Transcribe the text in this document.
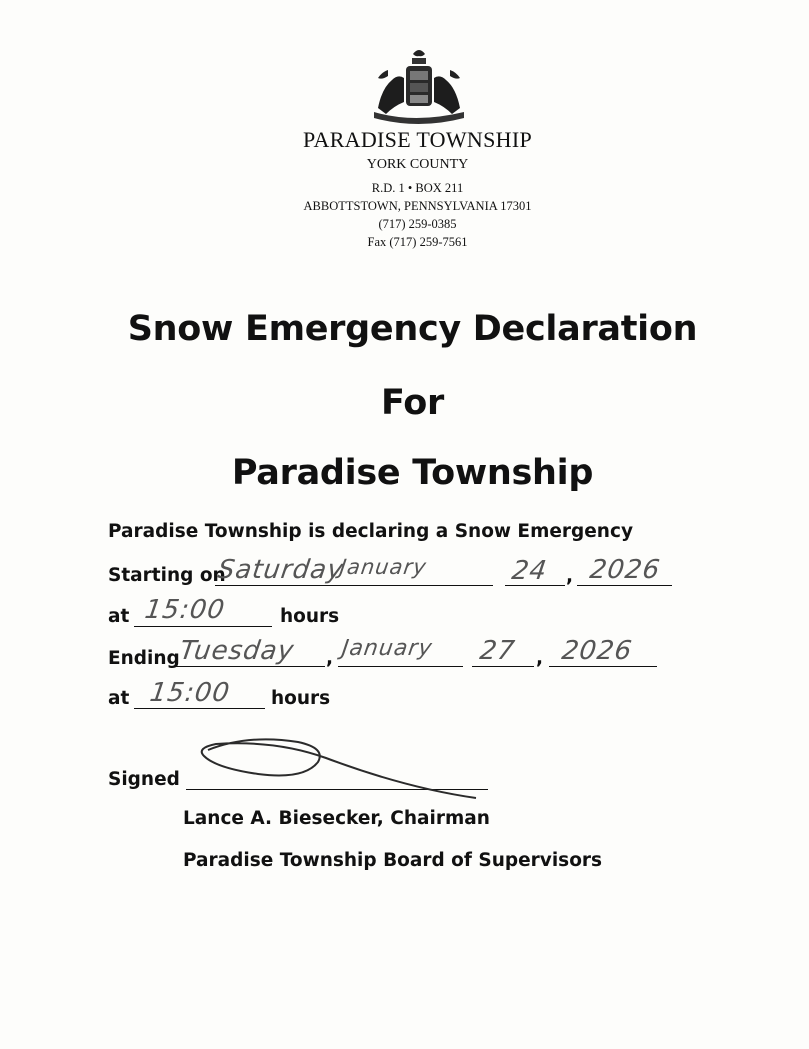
PARADISE TOWNSHIP
YORK COUNTY
R.D. 1 • BOX 211
ABBOTTSTOWN, PENNSYLVANIA 17301
(717) 259-0385
Fax (717) 259-7561
Snow Emergency Declaration
For
Paradise Township
Paradise Township is declaring a Snow Emergency
Starting on
Saturday
January	24 , 2026
at 15:00	hours
Ending
Tuesday , January 27 , 2026
at 15:00 hours
Signed
Lance A. Biesecker, Chairman
Paradise Township Board of Supervisors
